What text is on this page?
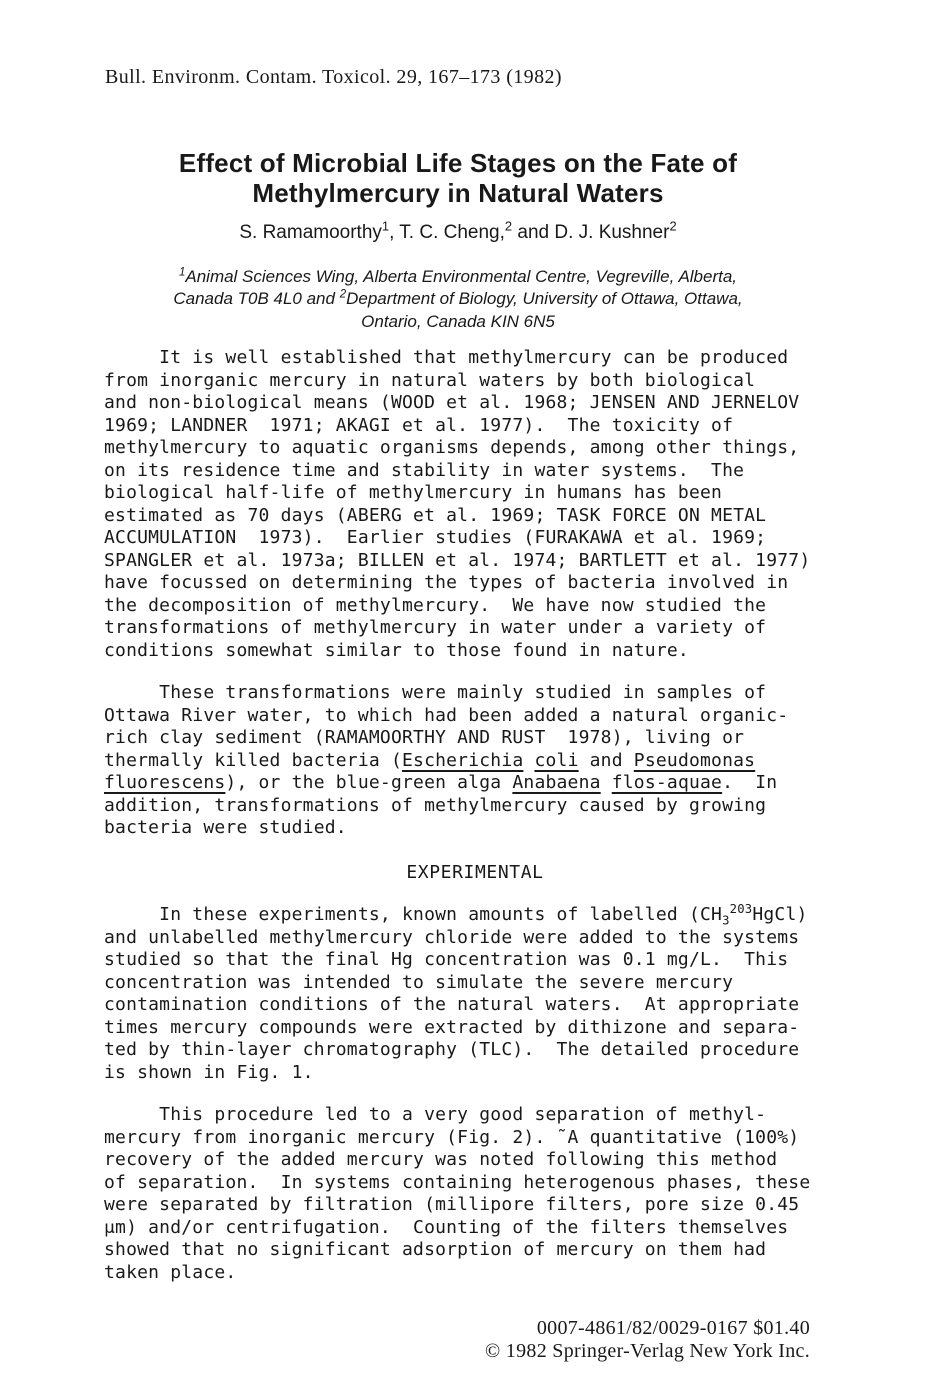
Bull. Environm. Contam. Toxicol. 29, 167–173 (1982)
Effect of Microbial Life Stages on the Fate of
Methylmercury in Natural Waters
S. Ramamoorthy$^1$, T. C. Cheng,$^2$ and D. J. Kushner$^2$
$^1$Animal Sciences Wing, Alberta Environmental Centre, Vegreville, Alberta,
Canada T0B 4L0 and $^2$Department of Biology, University of Ottawa, Ottawa,
Ontario, Canada KIN 6N5
It is well established that methylmercury can be produced
from inorganic mercury in natural waters by both biological
and non-biological means (WOOD et al. 1968; JENSEN AND JERNELOV
1969; LANDNER  1971; AKAGI et al. 1977).  The toxicity of
methylmercury to aquatic organisms depends, among other things,
on its residence time and stability in water systems.  The
biological half-life of methylmercury in humans has been
estimated as 70 days (ABERG et al. 1969; TASK FORCE ON METAL
ACCUMULATION  1973).  Earlier studies (FURAKAWA et al. 1969;
SPANGLER et al. 1973a; BILLEN et al. 1974; BARTLETT et al. 1977)
have focussed on determining the types of bacteria involved in
the decomposition of methylmercury.  We have now studied the
transformations of methylmercury in water under a variety of
conditions somewhat similar to those found in nature.
These transformations were mainly studied in samples of
Ottawa River water, to which had been added a natural organic-
rich clay sediment (RAMAMOORTHY AND RUST  1978), living or
thermally killed bacteria (Escherichia coli and Pseudomonas
fluorescens), or the blue-green alga Anabaena flos-aquae.  In
addition, transformations of methylmercury caused by growing
bacteria were studied.
EXPERIMENTAL
In these experiments, known amounts of labelled $(CH_3^{203}HgCl)$
and unlabelled methylmercury chloride were added to the systems
studied so that the final Hg concentration was 0.1 mg/L.  This
concentration was intended to simulate the severe mercury
contamination conditions of the natural waters.  At appropriate
times mercury compounds were extracted by dithizone and separa-
ted by thin-layer chromatography (TLC).  The detailed procedure
is shown in Fig. 1.
This procedure led to a very good separation of methyl-
mercury from inorganic mercury (Fig. 2). ˜A quantitative (100%)
recovery of the added mercury was noted following this method
of separation.  In systems containing heterogenous phases, these
were separated by filtration (millipore filters, pore size 0.45
μm) and/or centrifugation.  Counting of the filters themselves
showed that no significant adsorption of mercury on them had
taken place.
0007-4861/82/0029-0167 $01.40
© 1982 Springer-Verlag New York Inc.
